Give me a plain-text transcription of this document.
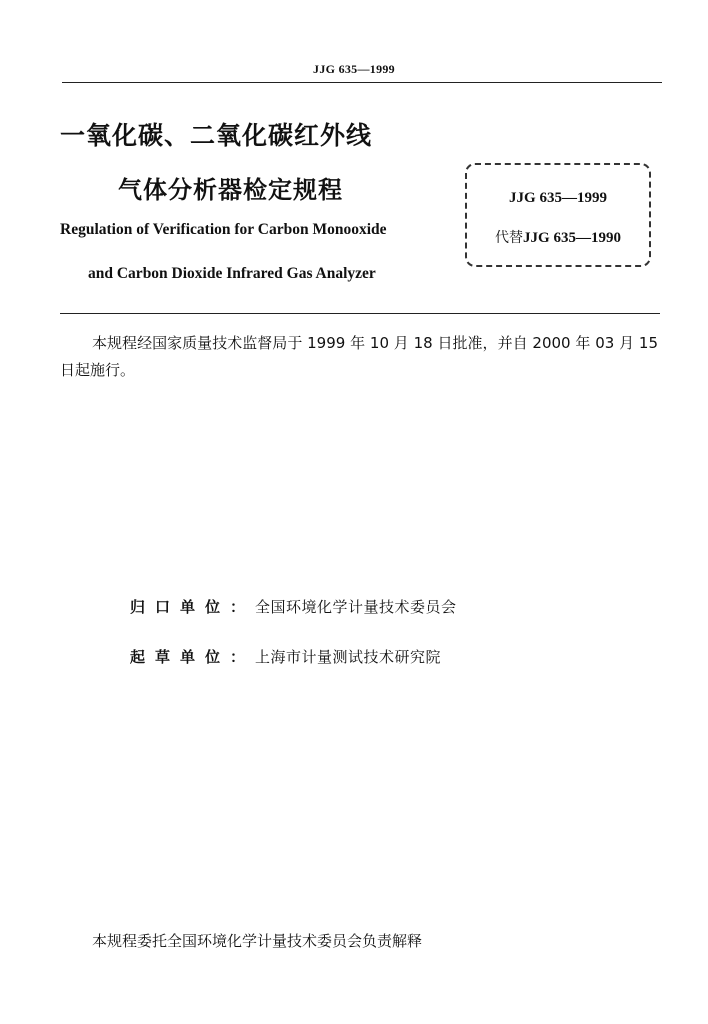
JJG 635—1999
一氧化碳、二氧化碳红外线
气体分析器检定规程
Regulation of Verification for Carbon Monooxide
and Carbon Dioxide Infrared Gas Analyzer
JJG 635—1999
代替JJG 635—1990
本规程经国家质量技术监督局于 1999 年 10 月 18 日批准，并自 2000 年 03 月 15 日起施行。
归口单位：全国环境化学计量技术委员会
起草单位：上海市计量测试技术研究院
本规程委托全国环境化学计量技术委员会负责解释
